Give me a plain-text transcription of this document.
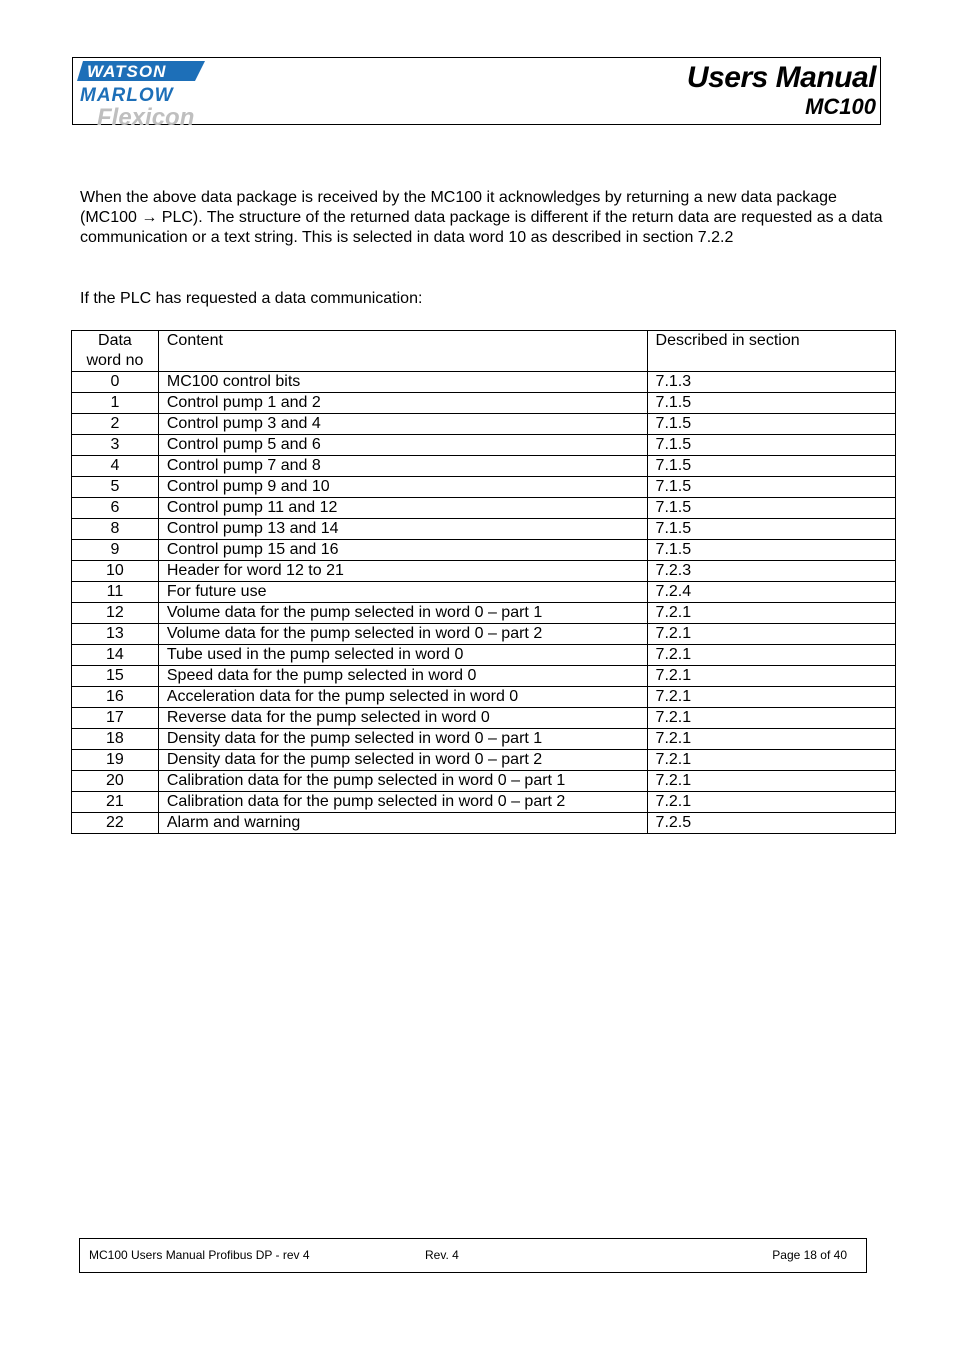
WATSON
MARLOW
Flexicon
Users Manual
MC100

When the above data package is received by the MC100 it acknowledges by returning a new data package (MC100 → PLC). The structure of the returned data package is different if the return data are requested as a data communication or a text string. This is selected in data word 10 as described in section 7.2.2

If the PLC has requested a data communication:

Data
word no	Content	Described in section
0	MC100 control bits	7.1.3
1	Control pump 1 and 2	7.1.5
2	Control pump 3 and 4	7.1.5
3	Control pump 5 and 6	7.1.5
4	Control pump 7 and 8	7.1.5
5	Control pump 9 and 10	7.1.5
6	Control pump 11 and 12	7.1.5
8	Control pump 13 and 14	7.1.5
9	Control pump 15 and 16	7.1.5
10	Header for word 12 to 21	7.2.3
11	For future use	7.2.4
12	Volume data for the pump selected in word 0 – part 1	7.2.1
13	Volume data for the pump selected in word 0 – part 2	7.2.1
14	Tube used in the pump selected in word 0	7.2.1
15	Speed data for the pump selected in word 0	7.2.1
16	Acceleration data for the pump selected in word 0	7.2.1
17	Reverse data for the pump selected in word 0	7.2.1
18	Density data for the pump selected in word 0 – part 1	7.2.1
19	Density data for the pump selected in word 0 – part 2	7.2.1
20	Calibration data for the pump selected in word 0 – part 1	7.2.1
21	Calibration data for the pump selected in word 0 – part 2	7.2.1
22	Alarm and warning	7.2.5
MC100 Users Manual Profibus DP - rev 4	Rev. 4	Page 18 of 40
